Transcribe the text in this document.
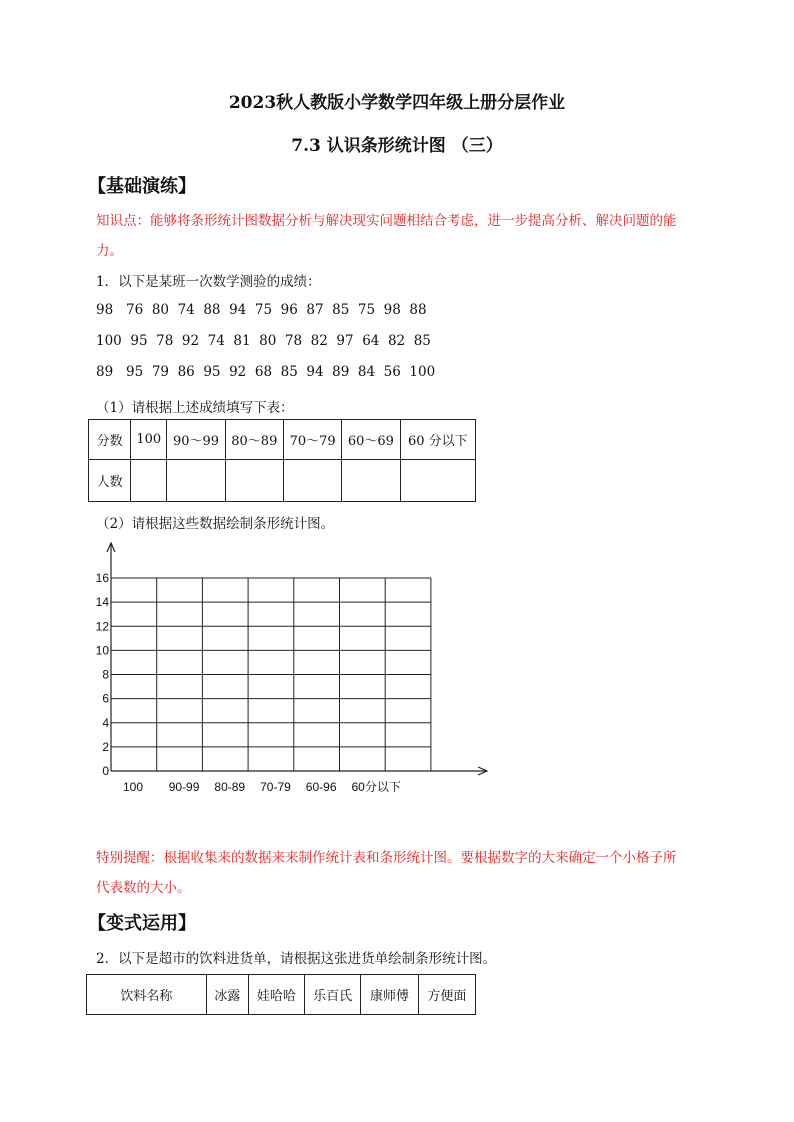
2023秋人教版小学数学四年级上册分层作业
7.3 认识条形统计图 （三）
【基础演练】
知识点：能够将条形统计图数据分析与解决现实问题相结合考虑，进一步提高分析、解决问题的能
力。
1．以下是某班一次数学测验的成绩：
98   76  80  74  88  94  75  96  87  85  75  98  88
100  95  78  92  74  81  80  78  82  97  64  82  85
89   95  79  86  95  92  68  85  94  89  84  56  100
（1）请根据上述成绩填写下表：
分数	100	90～99	80～89	70～79	60～69	60 分以下
人数						
（2）请根据这些数据绘制条形统计图。
0
2
4
6
8
10
12
14
16
100 90-99 80-89 70-79 60-96 60分以下
特别提醒：根据收集来的数据来来制作统计表和条形统计图。要根据数字的大来确定一个小格子所
代表数的大小。
【变式运用】
2．以下是超市的饮料进货单，请根据这张进货单绘制条形统计图。
饮料名称	冰露	娃哈哈	乐百氏	康师傅	方便面
